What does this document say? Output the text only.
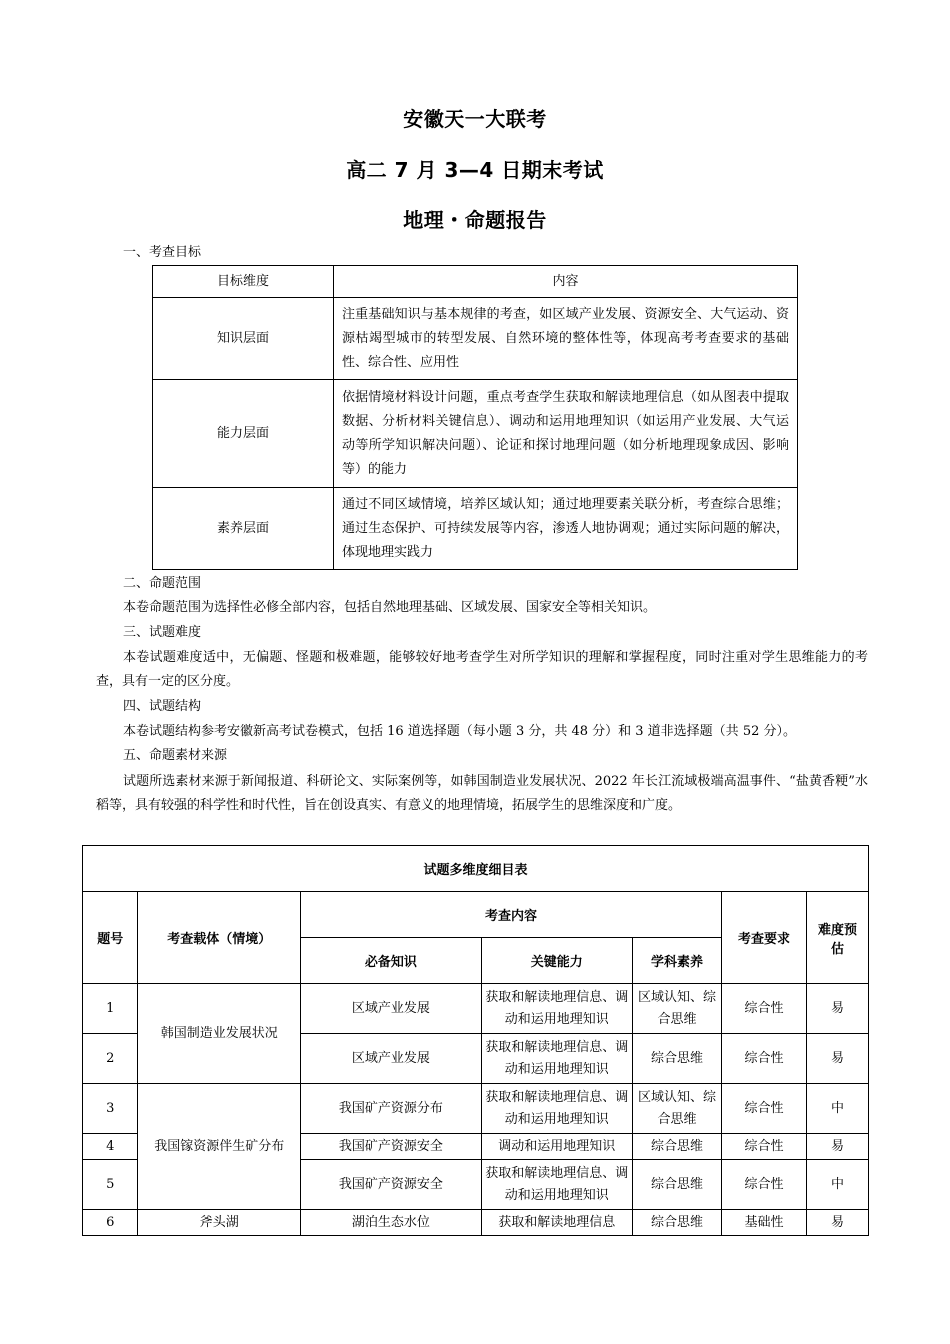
安徽天一大联考
高二 7 月 3—4 日期末考试
地理・命题报告
一、考查目标
目标维度	内容
知识层面	注重基础知识与基本规律的考查，如区域产业发展、资源安全、大气运动、资源枯竭型城市的转型发展、自然环境的整体性等，体现高考考查要求的基础性、综合性、应用性
能力层面	依据情境材料设计问题，重点考查学生获取和解读地理信息（如从图表中提取数据、分析材料关键信息）、调动和运用地理知识（如运用产业发展、大气运动等所学知识解决问题）、论证和探讨地理问题（如分析地理现象成因、影响等）的能力
素养层面	通过不同区域情境，培养区域认知；通过地理要素关联分析，考查综合思维；通过生态保护、可持续发展等内容，渗透人地协调观；通过实际问题的解决，体现地理实践力
二、命题范围
本卷命题范围为选择性必修全部内容，包括自然地理基础、区域发展、国家安全等相关知识。
三、试题难度
本卷试题难度适中，无偏题、怪题和极难题，能够较好地考查学生对所学知识的理解和掌握程度，同时注重对学生思维能力的考查，具有一定的区分度。
四、试题结构
本卷试题结构参考安徽新高考试卷模式，包括 16 道选择题（每小题 3 分，共 48 分）和 3 道非选择题（共 52 分）。
五、命题素材来源
试题所选素材来源于新闻报道、科研论文、实际案例等，如韩国制造业发展状况、2022 年长江流域极端高温事件、“盐黄香粳”水稻等，具有较强的科学性和时代性，旨在创设真实、有意义的地理情境，拓展学生的思维深度和广度。
试题多维度细目表						
题号	考查载体（情境）	考查内容			考查要求	难度预估
		必备知识	关键能力	学科素养		
1	韩国制造业发展状况	区域产业发展	获取和解读地理信息、调动和运用地理知识	区域认知、综合思维	综合性	易
2		区域产业发展	获取和解读地理信息、调动和运用地理知识	综合思维	综合性	易
3	我国镓资源伴生矿分布	我国矿产资源分布	获取和解读地理信息、调动和运用地理知识	区域认知、综合思维	综合性	中
4		我国矿产资源安全	调动和运用地理知识	综合思维	综合性	易
5		我国矿产资源安全	获取和解读地理信息、调动和运用地理知识	综合思维	综合性	中
6	斧头湖	湖泊生态水位	获取和解读地理信息	综合思维	基础性	易
